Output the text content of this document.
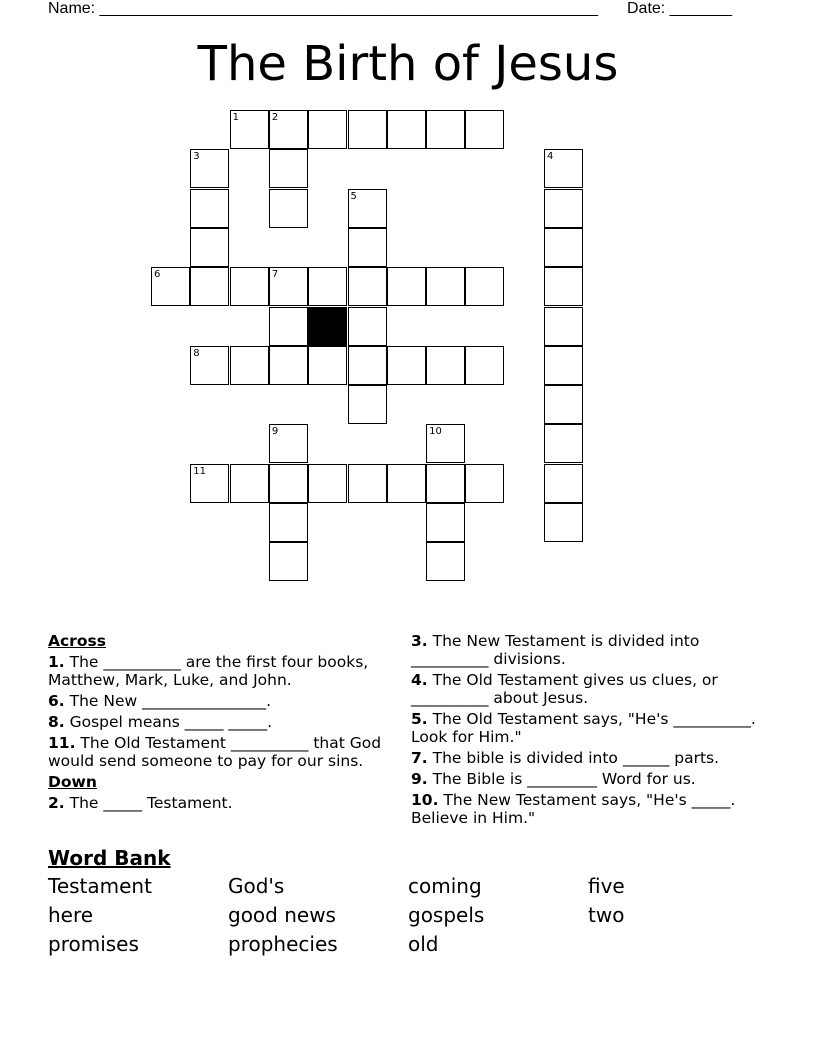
Name: ________________________________________________________ Date: _______
The Birth of Jesus
1	2
3	4
5
6	7
8
9	10
11
Across
1. The __________ are the first four books, Matthew, Mark, Luke, and John.
6. The New ________________.
8. Gospel means _____ _____.
11. The Old Testament __________ that God would send someone to pay for our sins.
Down
2. The _____ Testament.
3. The New Testament is divided into __________ divisions.
4. The Old Testament gives us clues, or __________ about Jesus.
5. The Old Testament says, "He's __________. Look for Him."
7. The bible is divided into ______ parts.
9. The Bible is _________ Word for us.
10. The New Testament says, "He's _____. Believe in Him."
Word Bank
Testament	God's	coming	five
here	good news	gospels	two
promises	prophecies	old
